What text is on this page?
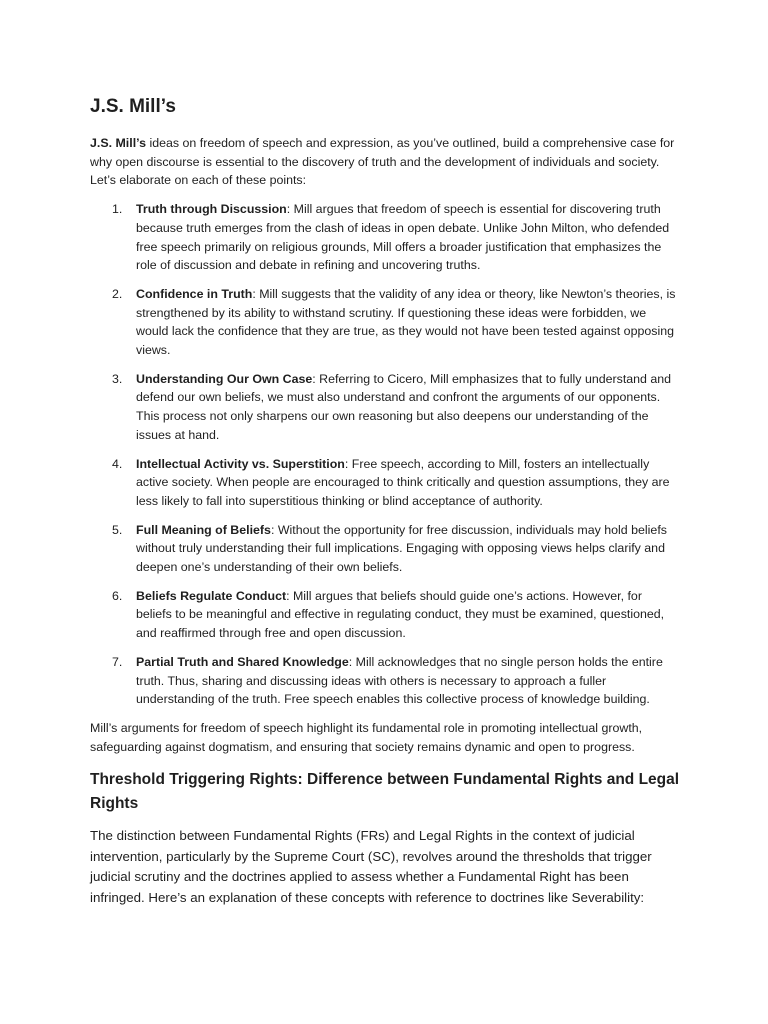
J.S. Mill’s

J.S. Mill’s ideas on freedom of speech and expression, as you’ve outlined, build a comprehensive case for why open discourse is essential to the discovery of truth and the development of individuals and society. Let’s elaborate on each of these points:

1. Truth through Discussion: Mill argues that freedom of speech is essential for discovering truth because truth emerges from the clash of ideas in open debate. Unlike John Milton, who defended free speech primarily on religious grounds, Mill offers a broader justification that emphasizes the role of discussion and debate in refining and uncovering truths.
2. Confidence in Truth: Mill suggests that the validity of any idea or theory, like Newton’s theories, is strengthened by its ability to withstand scrutiny. If questioning these ideas were forbidden, we would lack the confidence that they are true, as they would not have been tested against opposing views.
3. Understanding Our Own Case: Referring to Cicero, Mill emphasizes that to fully understand and defend our own beliefs, we must also understand and confront the arguments of our opponents. This process not only sharpens our own reasoning but also deepens our understanding of the issues at hand.
4. Intellectual Activity vs. Superstition: Free speech, according to Mill, fosters an intellectually active society. When people are encouraged to think critically and question assumptions, they are less likely to fall into superstitious thinking or blind acceptance of authority.
5. Full Meaning of Beliefs: Without the opportunity for free discussion, individuals may hold beliefs without truly understanding their full implications. Engaging with opposing views helps clarify and deepen one’s understanding of their own beliefs.
6. Beliefs Regulate Conduct: Mill argues that beliefs should guide one’s actions. However, for beliefs to be meaningful and effective in regulating conduct, they must be examined, questioned, and reaffirmed through free and open discussion.
7. Partial Truth and Shared Knowledge: Mill acknowledges that no single person holds the entire truth. Thus, sharing and discussing ideas with others is necessary to approach a fuller understanding of the truth. Free speech enables this collective process of knowledge building.

Mill’s arguments for freedom of speech highlight its fundamental role in promoting intellectual growth, safeguarding against dogmatism, and ensuring that society remains dynamic and open to progress.

Threshold Triggering Rights: Difference between Fundamental Rights and Legal Rights

The distinction between Fundamental Rights (FRs) and Legal Rights in the context of judicial intervention, particularly by the Supreme Court (SC), revolves around the thresholds that trigger judicial scrutiny and the doctrines applied to assess whether a Fundamental Right has been infringed. Here’s an explanation of these concepts with reference to doctrines like Severability:
